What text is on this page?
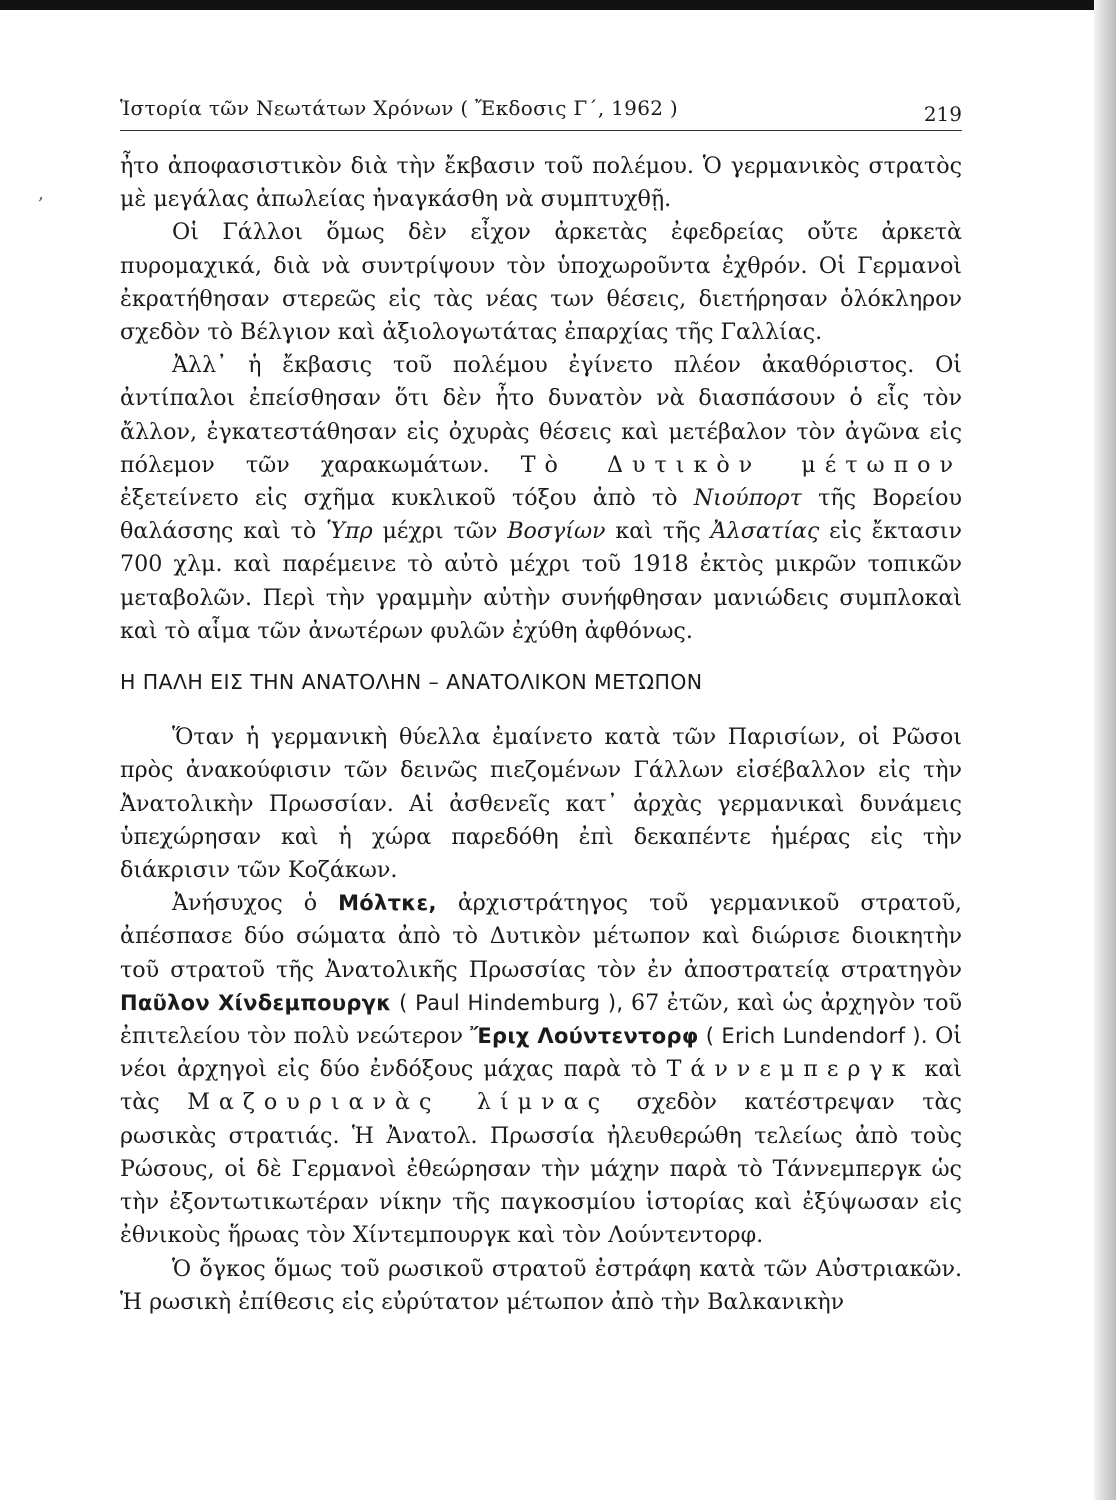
Ἱστορία τῶν Νεωτάτων Χρόνων ( Ἔκδοσις Γ΄, 1962 )	219
‚

ἦτο ἀποφασιστικὸν διὰ τὴν ἔκβασιν τοῦ πολέμου. Ὁ γερμανικὸς στρατὸς μὲ μεγάλας ἀπωλείας ἠναγκάσθη νὰ συμπτυχθῇ.

Οἱ Γάλλοι ὅμως δὲν εἶχον ἀρκετὰς ἐφεδρείας οὔτε ἀρκετὰ πυρομαχικά, διὰ νὰ συντρίψουν τὸν ὑποχωροῦντα ἐχθρόν. Οἱ Γερμανοὶ ἐκρατήθησαν στερεῶς εἰς τὰς νέας των θέσεις, διετήρησαν ὁλόκληρον σχεδὸν τὸ Βέλγιον καὶ ἀξιολογωτάτας ἐπαρχίας τῆς Γαλλίας.

Ἀλλ᾽ ἡ ἔκβασις τοῦ πολέμου ἐγίνετο πλέον ἀκαθόριστος. Οἱ ἀντίπαλοι ἐπείσθησαν ὅτι δὲν ἦτο δυνατὸν νὰ διασπάσουν ὁ εἷς τὸν ἄλλον, ἐγκατεστάθησαν εἰς ὀχυρὰς θέσεις καὶ μετέβαλον τὸν ἀγῶνα εἰς πόλεμον τῶν χαρακωμάτων. Τὸ Δυτικὸν μέτωπον ἐξετείνετο εἰς σχῆμα κυκλικοῦ τόξου ἀπὸ τὸ Νιούπορτ τῆς Βορείου θαλάσσης καὶ τὸ Ὑπρ μέχρι τῶν Βοσγίων καὶ τῆς Ἀλσατίας εἰς ἔκτασιν 700 χλμ. καὶ παρέμεινε τὸ αὐτὸ μέχρι τοῦ 1918 ἐκτὸς μικρῶν τοπικῶν μεταβολῶν. Περὶ τὴν γραμμὴν αὐτὴν συνήφθησαν μανιώδεις συμπλοκαὶ καὶ τὸ αἷμα τῶν ἀνωτέρων φυλῶν ἐχύθη ἀφθόνως.

Η ΠΑΛΗ ΕΙΣ ΤΗΝ ΑΝΑΤΟΛΗΝ – ΑΝΑΤΟΛΙΚΟΝ ΜΕΤΩΠΟΝ

Ὅταν ἡ γερμανικὴ θύελλα ἐμαίνετο κατὰ τῶν Παρισίων, οἱ Ρῶσοι πρὸς ἀνακούφισιν τῶν δεινῶς πιεζομένων Γάλλων εἰσέβαλλον εἰς τὴν Ἀνατολικὴν Πρωσσίαν. Αἱ ἀσθενεῖς κατ᾽ ἀρχὰς γερμανικαὶ δυνάμεις ὑπεχώρησαν καὶ ἡ χώρα παρεδόθη ἐπὶ δεκαπέντε ἡμέρας εἰς τὴν διάκρισιν τῶν Κοζάκων.

Ἀνήσυχος ὁ Μόλτκε, ἀρχιστράτηγος τοῦ γερμανικοῦ στρατοῦ, ἀπέσπασε δύο σώματα ἀπὸ τὸ Δυτικὸν μέτωπον καὶ διώρισε διοικητὴν τοῦ στρατοῦ τῆς Ἀνατολικῆς Πρωσσίας τὸν ἐν ἀποστρατείᾳ στρατηγὸν Παῦλον Χίνδεμπουργκ ( Paul Hindemburg ), 67 ἐτῶν, καὶ ὡς ἀρχηγὸν τοῦ ἐπιτελείου τὸν πολὺ νεώτερον Ἔριχ Λούντεντορφ ( Erich Lundendorf ). Οἱ νέοι ἀρχηγοὶ εἰς δύο ἐνδόξους μάχας παρὰ τὸ Τάννεμπεργκ καὶ τὰς Μαζουριανὰς λίμνας σχεδὸν κατέστρεψαν τὰς ρωσικὰς στρατιάς. Ἡ Ἀνατολ. Πρωσσία ἠλευθερώθη τελείως ἀπὸ τοὺς Ρώσους, οἱ δὲ Γερμανοὶ ἐθεώρησαν τὴν μάχην παρὰ τὸ Τάννεμπεργκ ὡς τὴν ἐξοντωτικωτέραν νίκην τῆς παγκοσμίου ἱστορίας καὶ ἐξύψωσαν εἰς ἐθνικοὺς ἥρωας τὸν Χίντεμπουργκ καὶ τὸν Λούντεντορφ.

Ὁ ὄγκος ὅμως τοῦ ρωσικοῦ στρατοῦ ἐστράφη κατὰ τῶν Αὐστριακῶν. Ἡ ρωσικὴ ἐπίθεσις εἰς εὐρύτατον μέτωπον ἀπὸ τὴν Βαλκανικὴν
